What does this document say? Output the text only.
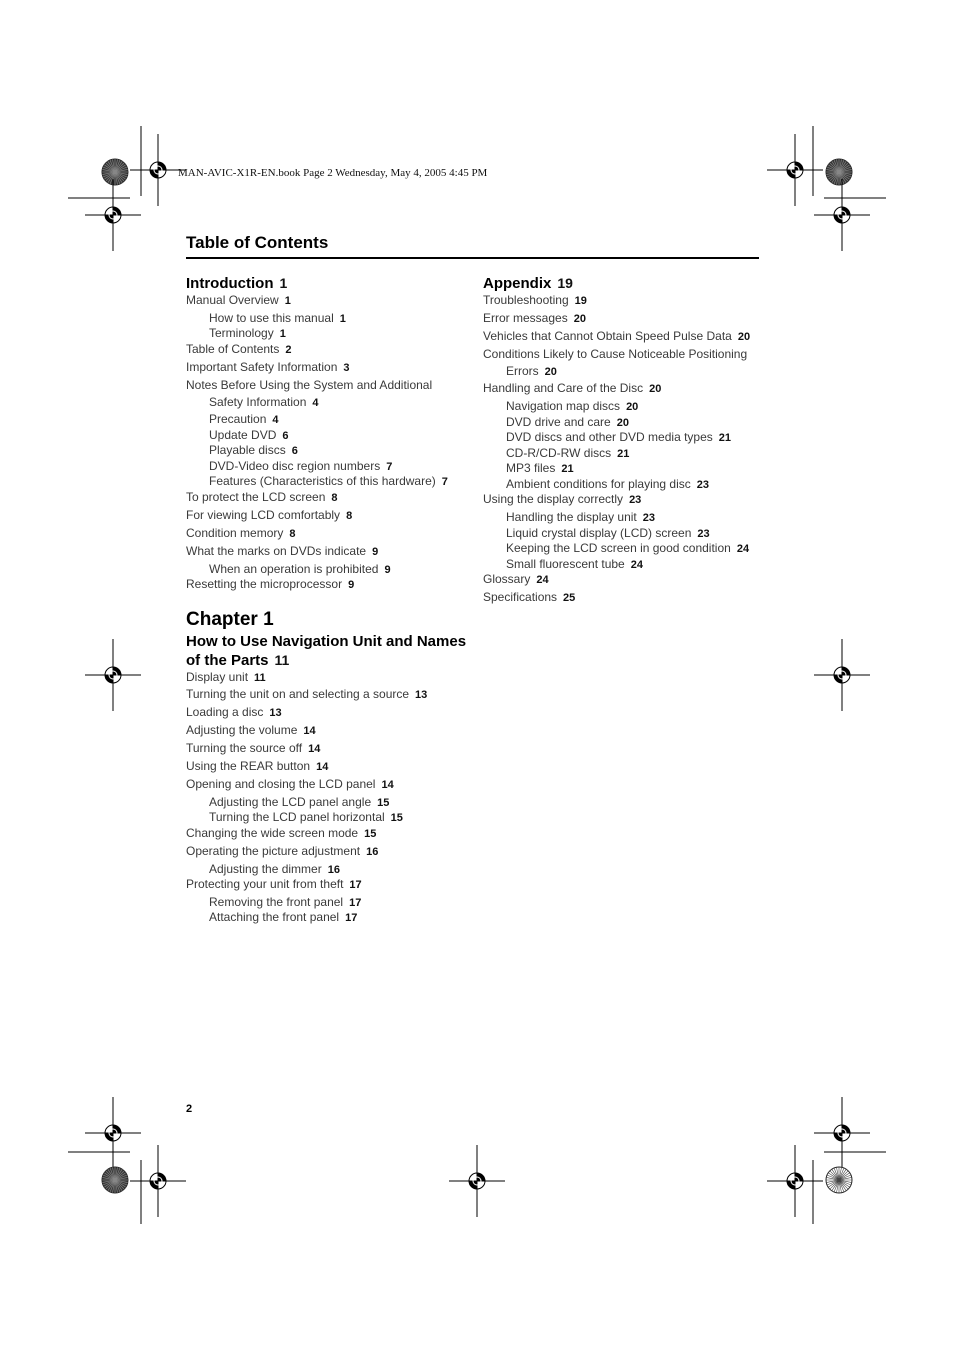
MAN-AVIC-X1R-EN.book Page 2 Wednesday, May 4, 2005 4:45 PM
Table of Contents
Introduction 1
Manual Overview 1
How to use this manual 1
Terminology 1
Table of Contents 2
Important Safety Information 3
Notes Before Using the System and Additional
Safety Information 4
Precaution 4
Update DVD 6
Playable discs 6
DVD-Video disc region numbers 7
Features (Characteristics of this hardware) 7
To protect the LCD screen 8
For viewing LCD comfortably 8
Condition memory 8
What the marks on DVDs indicate 9
When an operation is prohibited 9
Resetting the microprocessor 9
Chapter 1
How to Use Navigation Unit and Names of the Parts 11
Display unit 11
Turning the unit on and selecting a source 13
Loading a disc 13
Adjusting the volume 14
Turning the source off 14
Using the REAR button 14
Opening and closing the LCD panel 14
Adjusting the LCD panel angle 15
Turning the LCD panel horizontal 15
Changing the wide screen mode 15
Operating the picture adjustment 16
Adjusting the dimmer 16
Protecting your unit from theft 17
Removing the front panel 17
Attaching the front panel 17
Appendix 19
Troubleshooting 19
Error messages 20
Vehicles that Cannot Obtain Speed Pulse Data 20
Conditions Likely to Cause Noticeable Positioning
Errors 20
Handling and Care of the Disc 20
Navigation map discs 20
DVD drive and care 20
DVD discs and other DVD media types 21
CD-R/CD-RW discs 21
MP3 files 21
Ambient conditions for playing disc 23
Using the display correctly 23
Handling the display unit 23
Liquid crystal display (LCD) screen 23
Keeping the LCD screen in good condition 24
Small fluorescent tube 24
Glossary 24
Specifications 25
2
